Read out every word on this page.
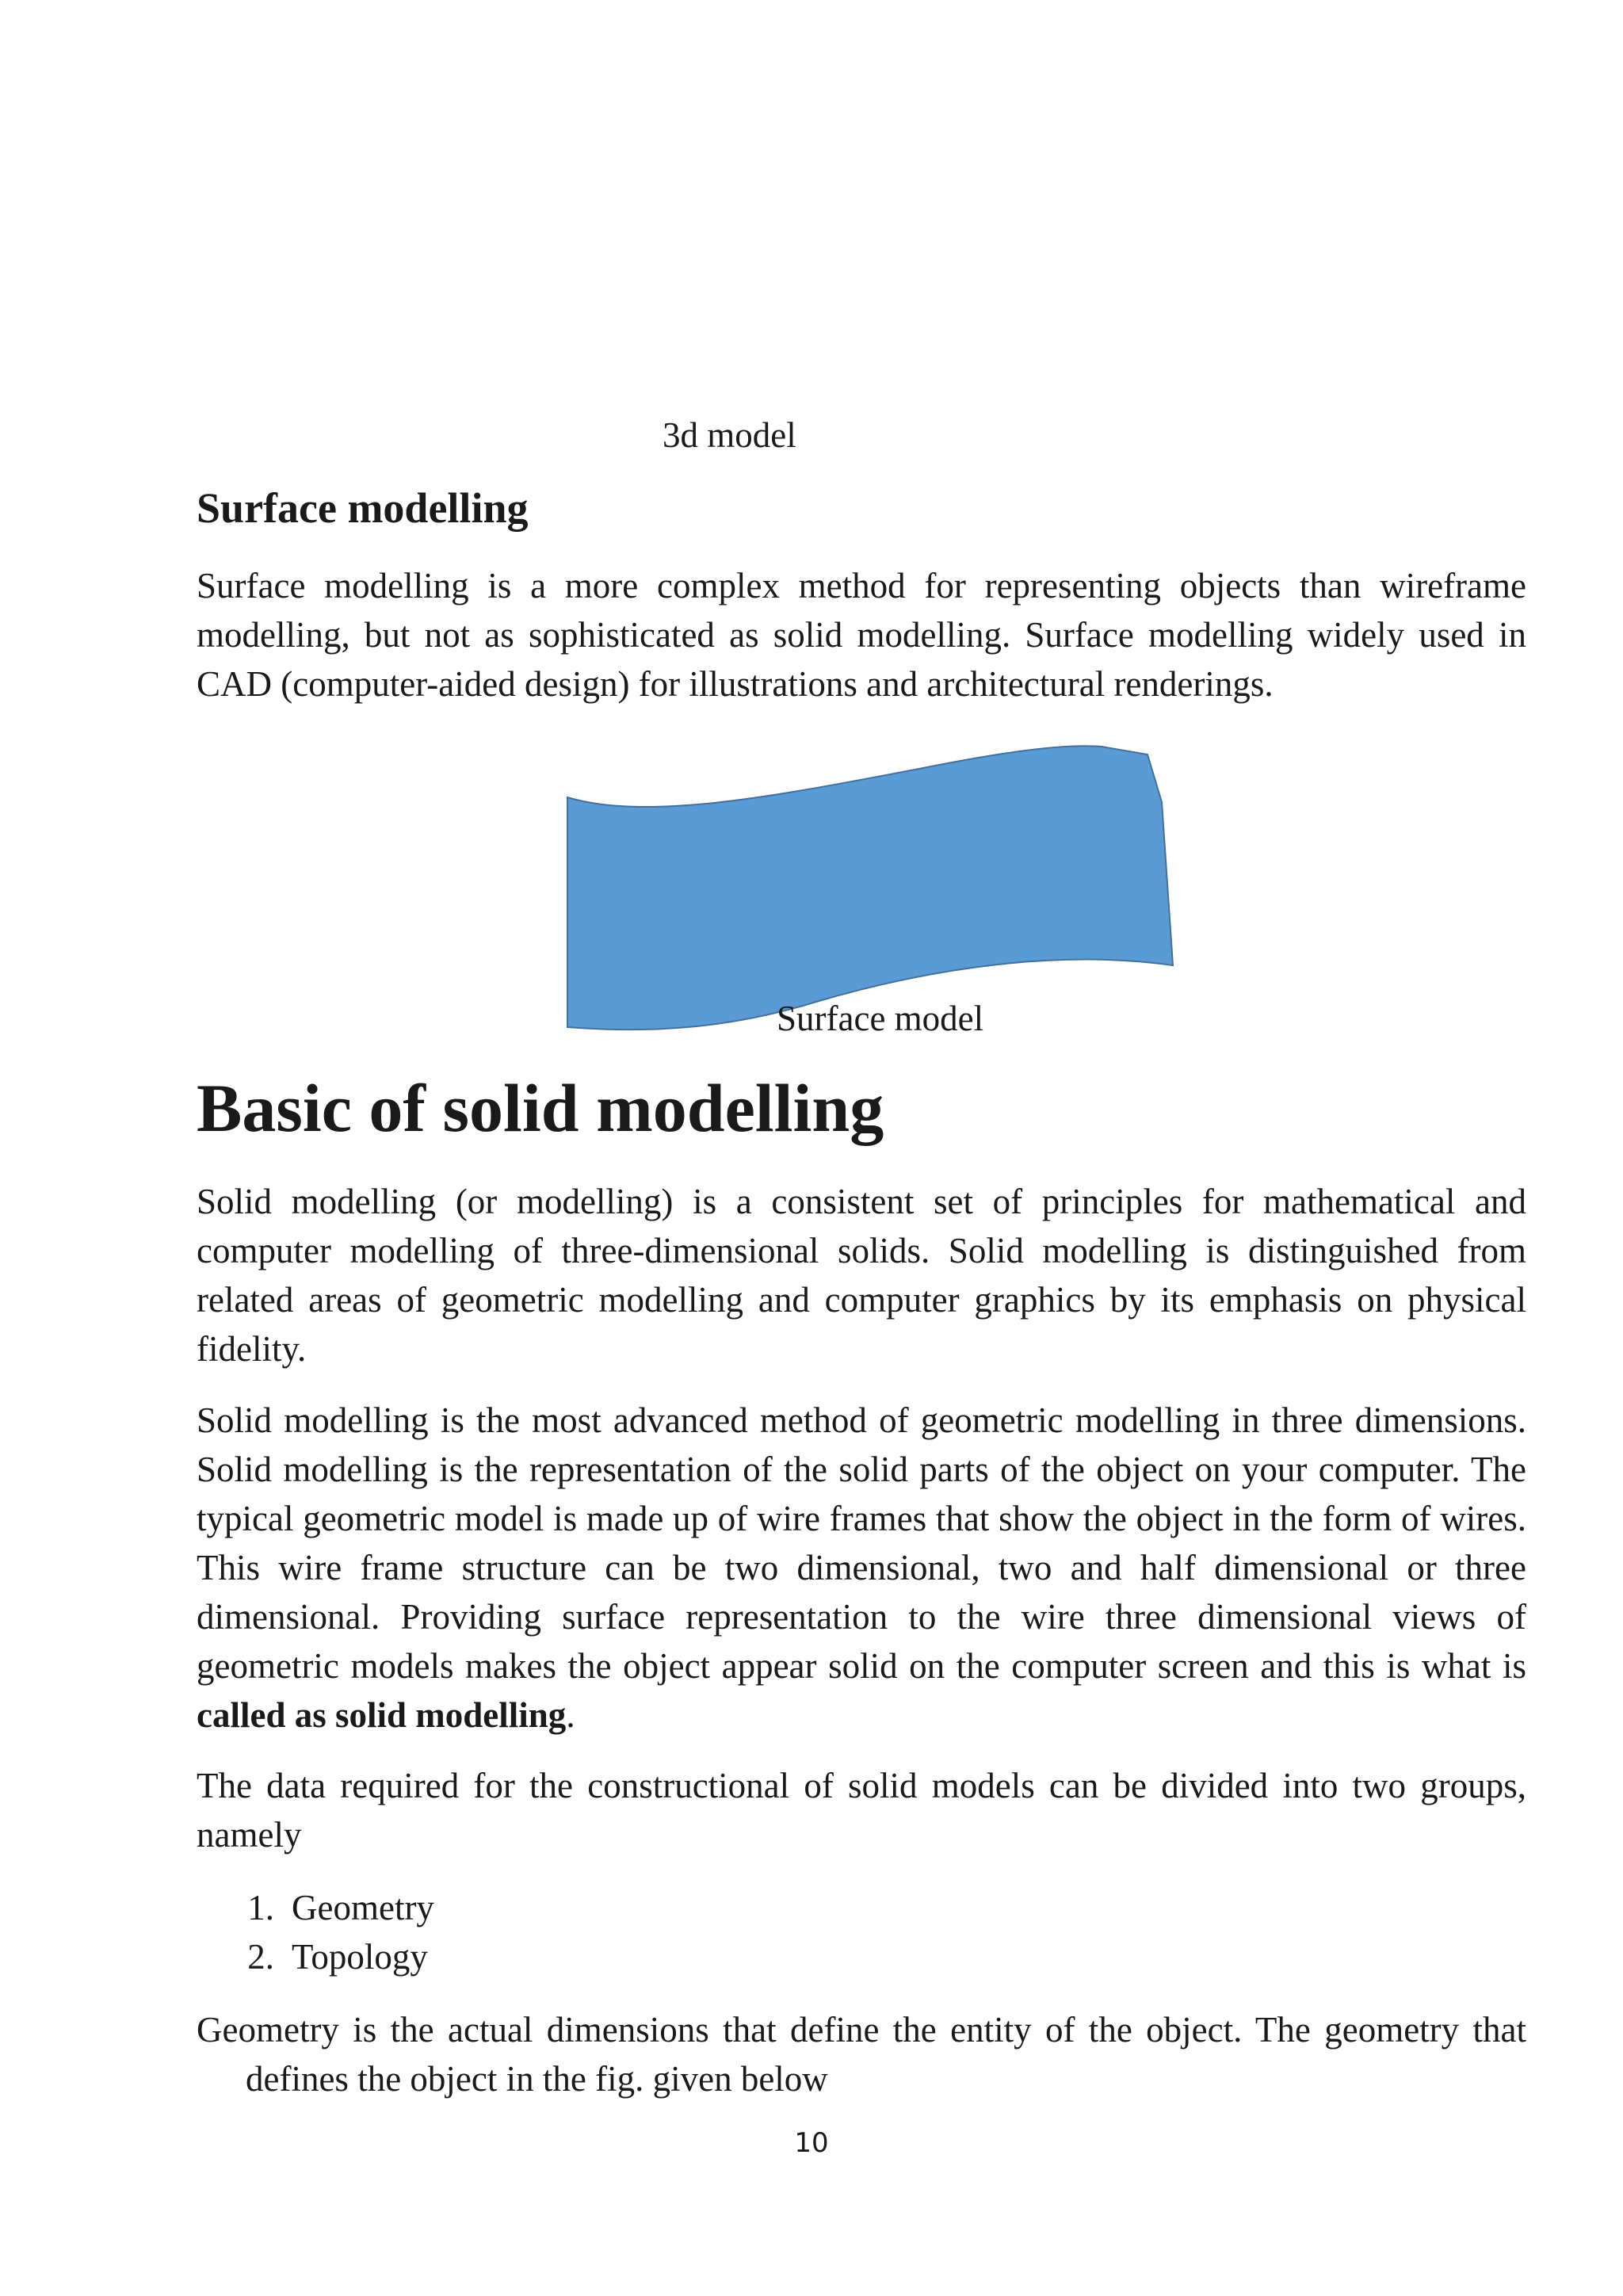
3d model
Surface modelling
Surface modelling is a more complex method for representing objects than wireframe modelling, but not as sophisticated as solid modelling. Surface modelling widely used in CAD (computer-aided design) for illustrations and architectural renderings.
Surface model
Basic of solid modelling
Solid modelling (or modelling) is a consistent set of principles for mathematical and computer modelling of three-dimensional solids. Solid modelling is distinguished from related areas of geometric modelling and computer graphics by its emphasis on physical fidelity.
Solid modelling is the most advanced method of geometric modelling in three dimensions. Solid modelling is the representation of the solid parts of the object on your computer. The typical geometric model is made up of wire frames that show the object in the form of wires. This wire frame structure can be two dimensional, two and half dimensional or three dimensional. Providing surface representation to the wire three dimensional views of geometric models makes the object appear solid on the computer screen and this is what is called as solid modelling.
The data required for the constructional of solid models can be divided into two groups, namely
1. Geometry
2. Topology
Geometry is the actual dimensions that define the entity of the object. The geometry that defines the object in the fig. given below
10
